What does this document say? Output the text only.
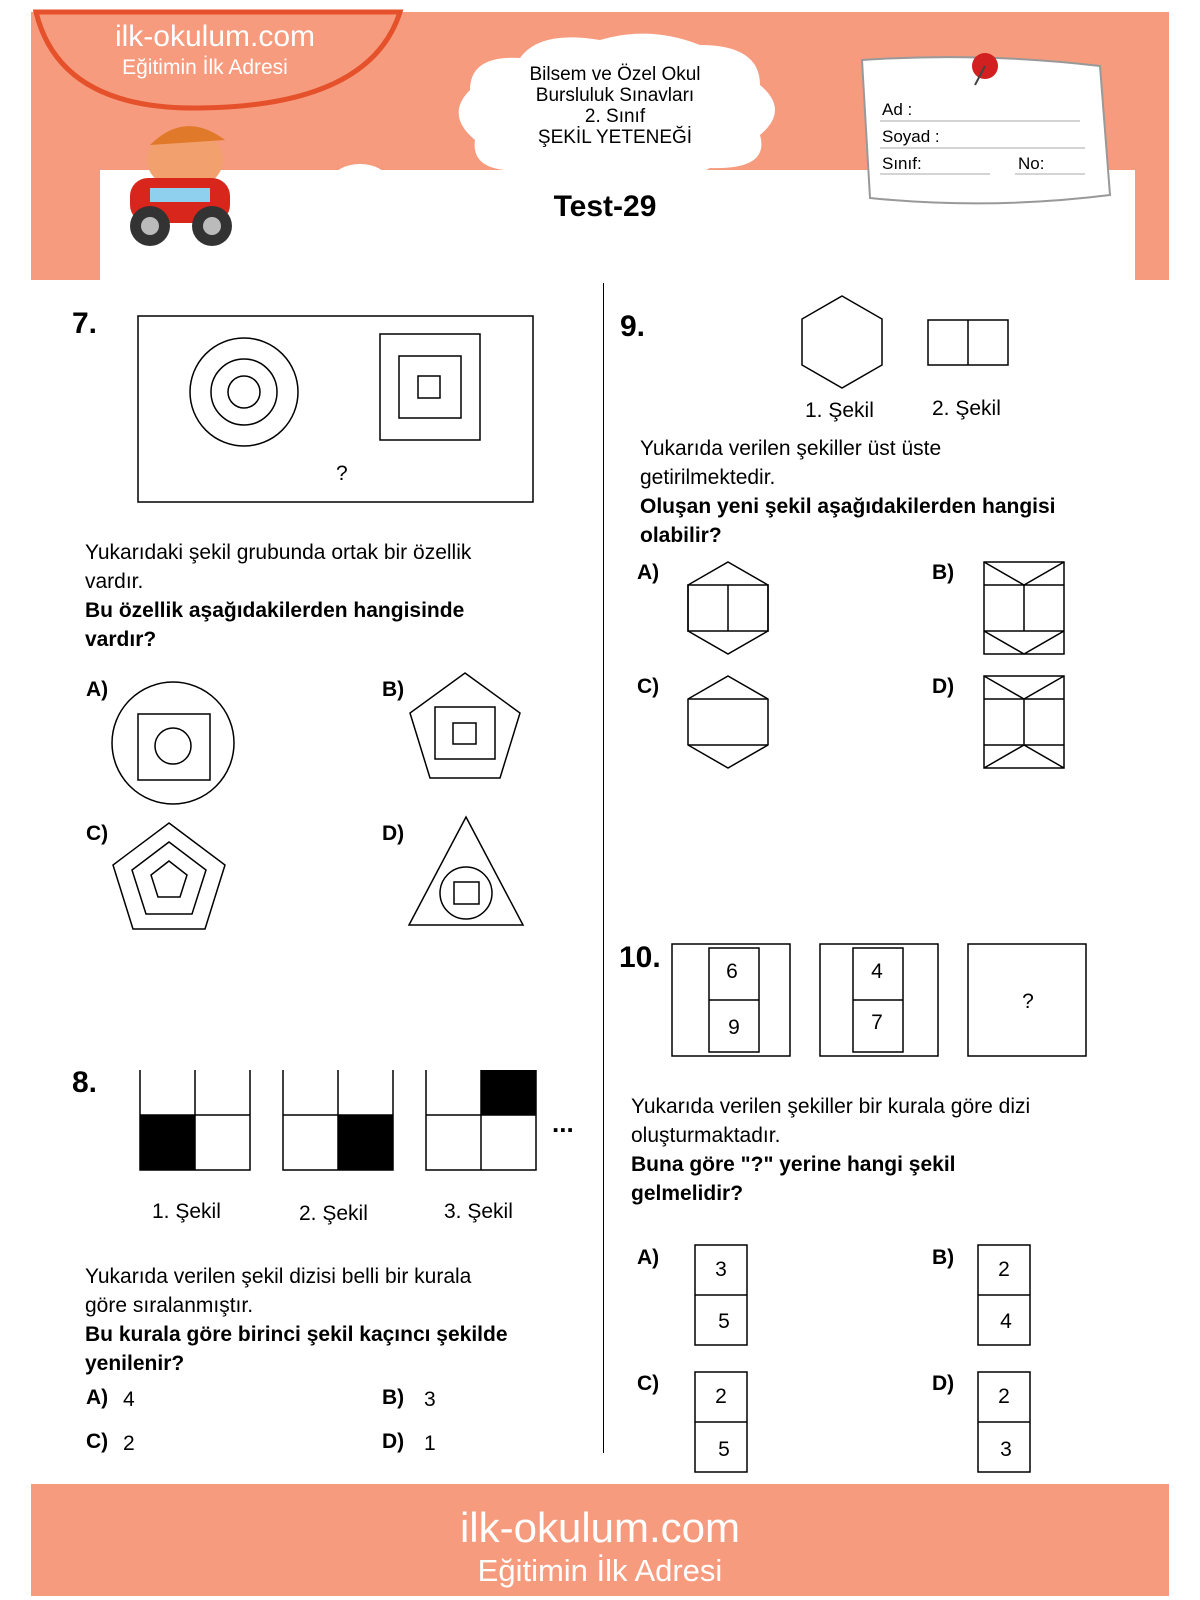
ilk-okulum.com
Eğitimin İlk Adresi	Bilsem ve Özel Okul
Bursluluk Sınavları
2. Sınıf
ŞEKİL YETENEĞİ
Test-29
Ad :
Soyad :
Sınıf:	No:
7.
?
Yukarıdaki şekil grubunda ortak bir özellik
vardır.
Bu özellik aşağıdakilerden hangisinde
vardır?
A)	B)
C)	D)
8.
...
1. Şekil	2. Şekil	3. Şekil
Yukarıda verilen şekil dizisi belli bir kurala
göre sıralanmıştır.
Bu kurala göre birinci şekil kaçıncı şekilde
yenilenir?
A) 4	B) 3
C) 2	D) 1
9.
1. Şekil	2. Şekil
Yukarıda verilen şekiller üst üste
getirilmektedir.
Oluşan yeni şekil aşağıdakilerden hangisi
olabilir?
A)	B)
C)	D)
10.	6
9
4
7
?
Yukarıda verilen şekiller bir kurala göre dizi
oluşturmaktadır.
Buna göre "?" yerine hangi şekil
gelmelidir?
A)
3
5
B)
2
4
C)
2
5
D)
2
3
ilk-okulum.com
Eğitimin İlk Adresi
